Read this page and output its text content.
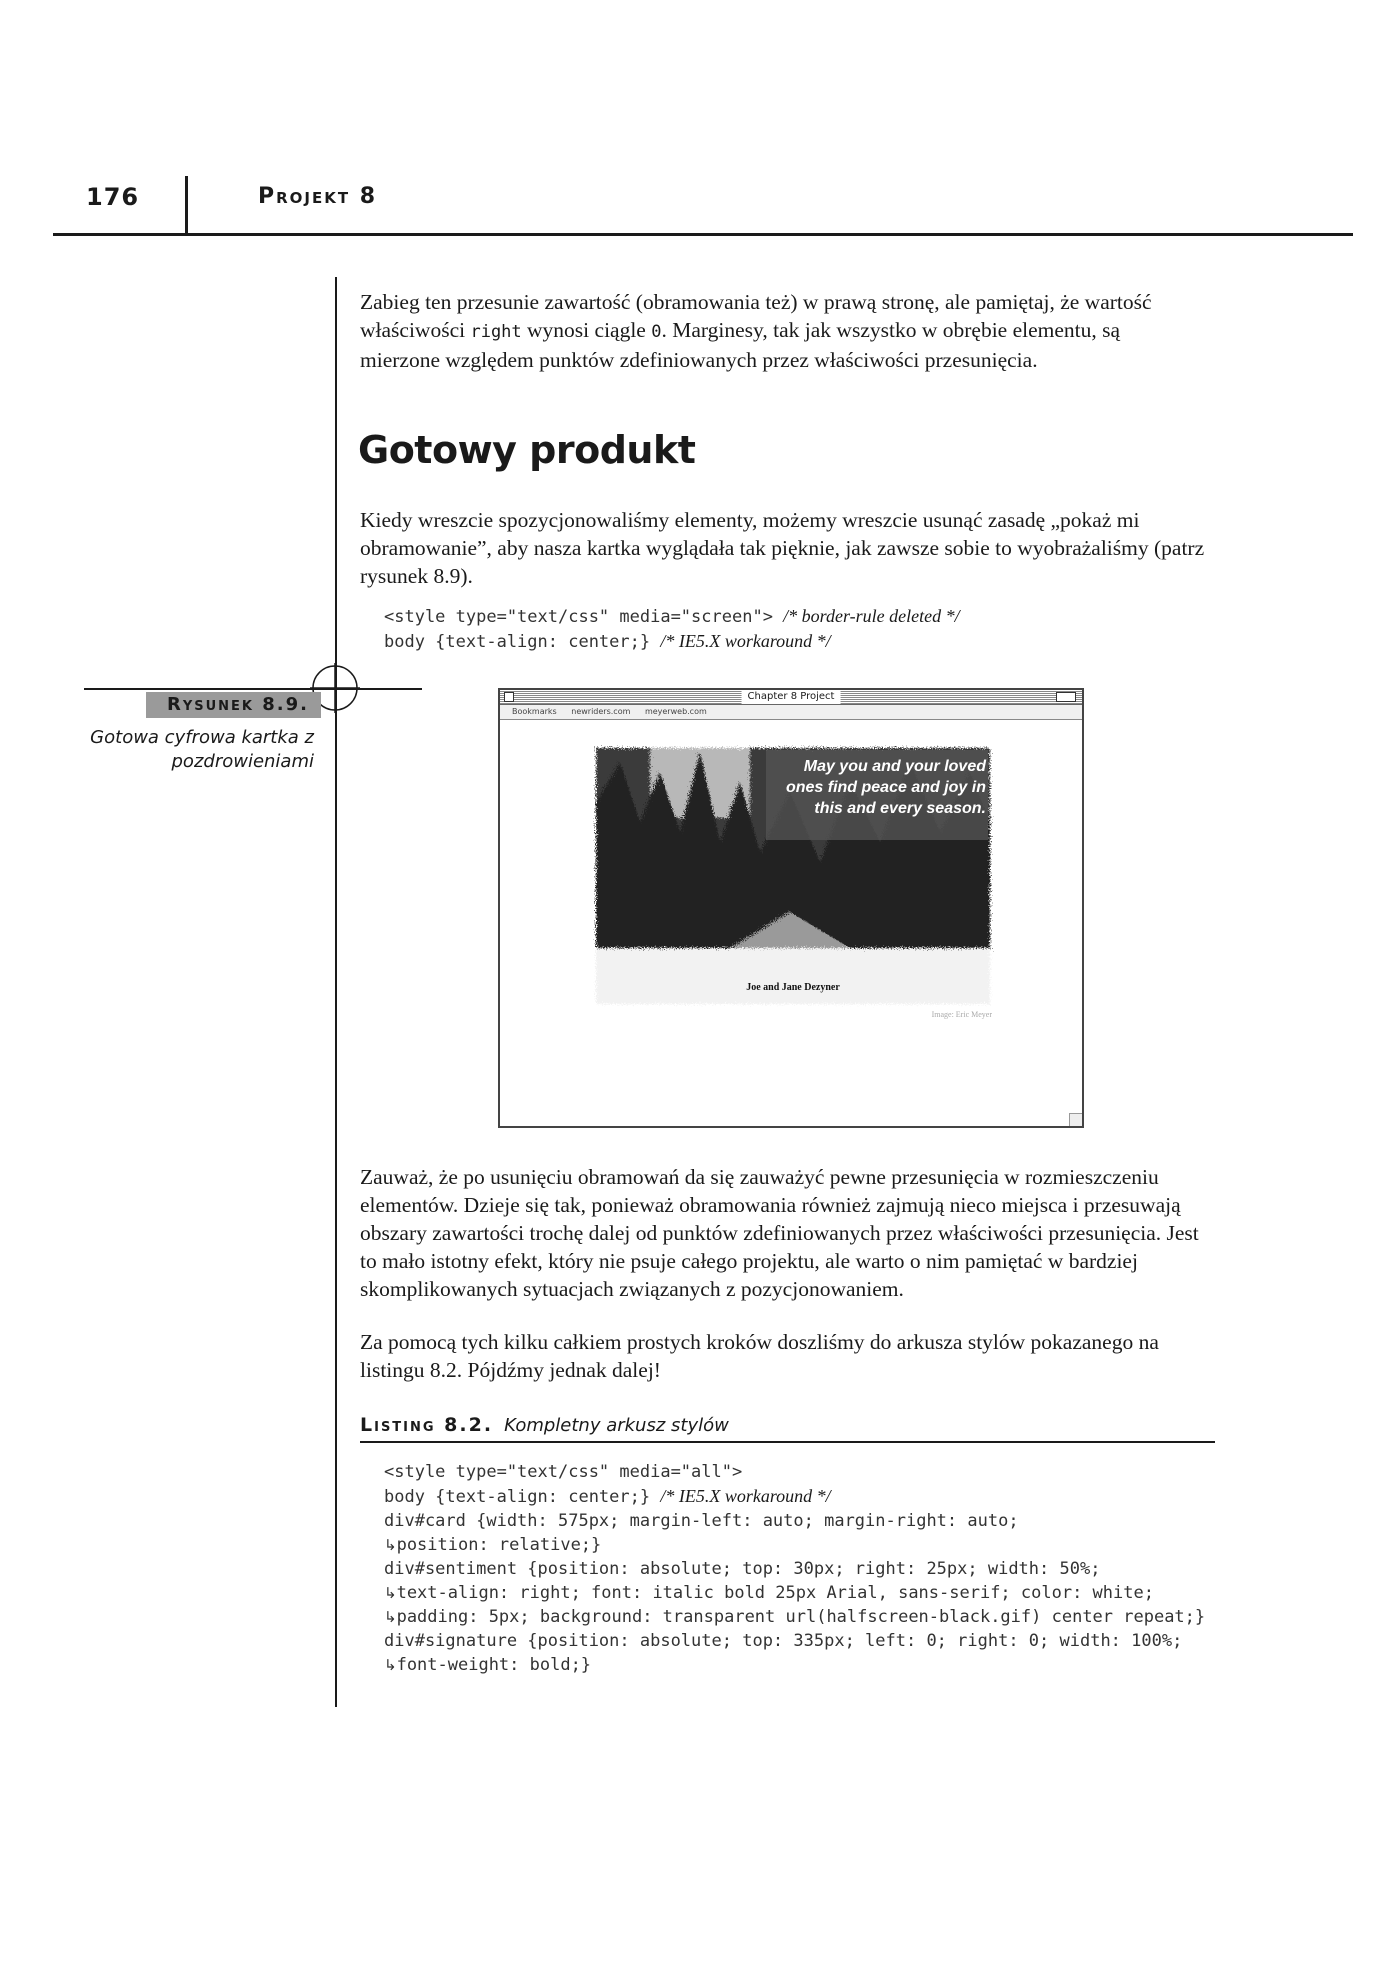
176	Projekt 8

Zabieg ten przesunie zawartość (obramowania też) w prawą stronę, ale pamiętaj, że wartość
właściwości right wynosi ciągle 0. Marginesy, tak jak wszystko w obrębie elementu, są
mierzone względem punktów zdefiniowanych przez właściwości przesunięcia.

Gotowy produkt

Kiedy wreszcie spozycjonowaliśmy elementy, możemy wreszcie usunąć zasadę „pokaż mi obramowanie”, aby nasza kartka wyglądała tak pięknie, jak zawsze sobie to wyobrażaliśmy (patrz rysunek 8.9).

<style type="text/css" media="screen"> /* border-rule deleted */
body {text-align: center;} /* IE5.X workaround */
Rysunek 8.9.

Gotowa cyfrowa kartka z pozdrowieniami

Chapter 8 Project
Bookmarks newriders.com meyerweb.com
May you and your loved ones find peace and joy in this and every season.
Joe and Jane Dezyner
Image: Eric Meyer

Zauważ, że po usunięciu obramowań da się zauważyć pewne przesunięcia w rozmieszczeniu elementów. Dzieje się tak, ponieważ obramowania również zajmują nieco miejsca i przesuwają obszary zawartości trochę dalej od punktów zdefiniowanych przez właściwości przesunięcia. Jest to mało istotny efekt, który nie psuje całego projektu, ale warto o nim pamiętać w bardziej skomplikowanych sytuacjach związanych z pozycjonowaniem.

Za pomocą tych kilku całkiem prostych kroków doszliśmy do arkusza stylów pokazanego na listingu 8.2. Pójdźmy jednak dalej!

Listing 8.2. Kompletny arkusz stylów

<style type="text/css" media="all">
body {text-align: center;} /* IE5.X workaround */
div#card {width: 575px; margin-left: auto; margin-right: auto;
↳position: relative;}
div#sentiment {position: absolute; top: 30px; right: 25px; width: 50%;
↳text-align: right; font: italic bold 25px Arial, sans-serif; color: white;
↳padding: 5px; background: transparent url(halfscreen-black.gif) center repeat;}
div#signature {position: absolute; top: 335px; left: 0; right: 0; width: 100%;
↳font-weight: bold;}
